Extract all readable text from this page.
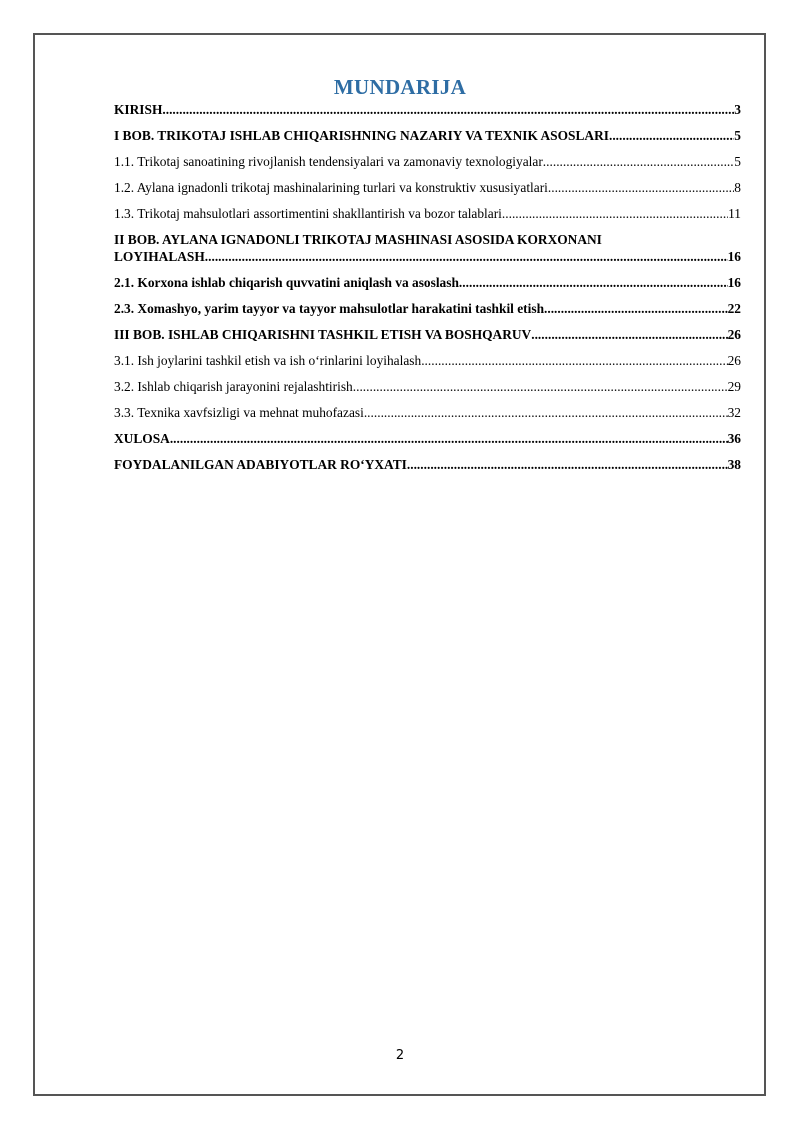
MUNDARIJA
KIRISH .....	3
I BOB. TRIKOTAJ ISHLAB CHIQARISHNING NAZARIY VA TEXNIK ASOSLARI .....	5
1.1. Trikotaj sanoatining rivojlanish tendensiyalari va zamonaviy texnologiyalar .....	5
1.2. Aylana ignadonli trikotaj mashinalarining turlari va konstruktiv xususiyatlari .....	8
1.3. Trikotaj mahsulotlari assortimentini shakllantirish va bozor talablari .....	11
II BOB. AYLANA IGNADONLI TRIKOTAJ MASHINASI ASOSIDA KORXONANI
LOYIHALASH .....	16
2.1. Korxona ishlab chiqarish quvvatini aniqlash va asoslash .....	16
2.3. Xomashyo, yarim tayyor va tayyor mahsulotlar harakatini tashkil etish .....	22
III BOB. ISHLAB CHIQARISHNI TASHKIL ETISH VA BOSHQARUV .....	26
3.1. Ish joylarini tashkil etish va ish o‘rinlarini loyihalash .....	26
3.2. Ishlab chiqarish jarayonini rejalashtirish .....	29
3.3. Texnika xavfsizligi va mehnat muhofazasi .....	32
XULOSA .....	36
FOYDALANILGAN ADABIYOTLAR RO‘YXATI .....	38
2
